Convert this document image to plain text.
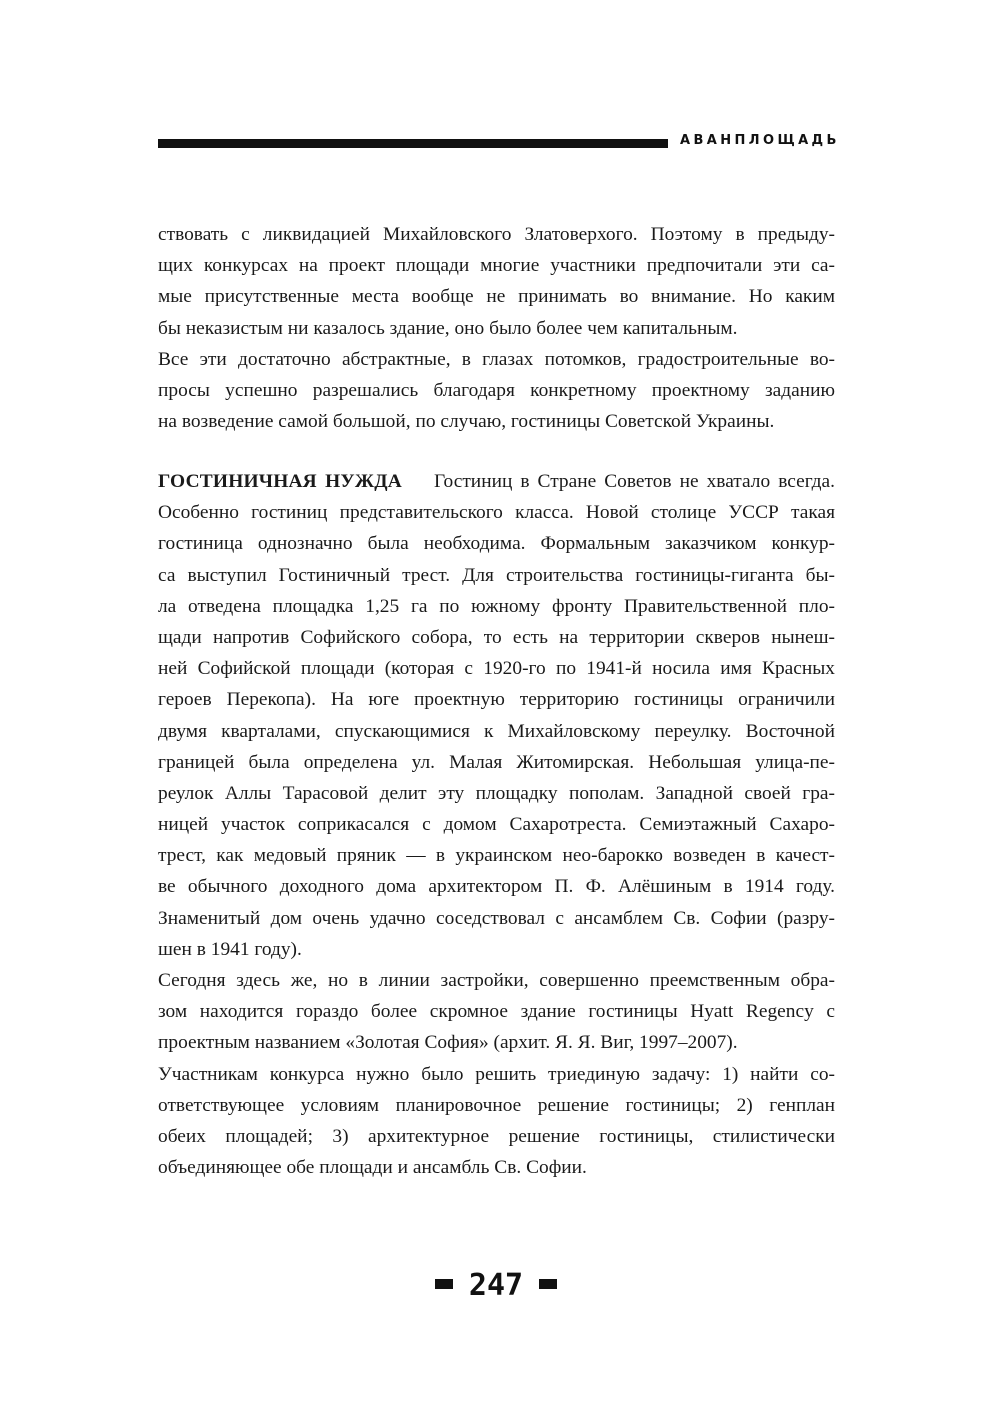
АВАНПЛОЩАДЬ
ствовать с ликвидацией Михайловского Златоверхого. Поэтому в предыду-
щих конкурсах на проект площади многие участники предпочитали эти са-
мые присутственные места вообще не принимать во внимание. Но каким
бы неказистым ни казалось здание, оно было более чем капитальным.
Все эти достаточно абстрактные, в глазах потомков, градостроительные во-
просы успешно разрешались благодаря конкретному проектному заданию
на возведение самой большой, по случаю, гостиницы Советской Украины.
ГОСТИНИЧНАЯ НУЖДА Гостиниц в Стране Советов не хватало всегда.
Особенно гостиниц представительского класса. Новой столице УССР такая
гостиница однозначно была необходима. Формальным заказчиком конкур-
са выступил Гостиничный трест. Для строительства гостиницы-гиганта бы-
ла отведена площадка 1,25 га по южному фронту Правительственной пло-
щади напротив Софийского собора, то есть на территории скверов нынеш-
ней Софийской площади (которая с 1920-го по 1941-й носила имя Красных
героев Перекопа). На юге проектную территорию гостиницы ограничили
двумя кварталами, спускающимися к Михайловскому переулку. Восточной
границей была определена ул. Малая Житомирская. Небольшая улица-пе-
реулок Аллы Тарасовой делит эту площадку пополам. Западной своей гра-
ницей участок соприкасался с домом Сахаротреста. Семиэтажный Сахаро-
трест, как медовый пряник — в украинском нео-барокко возведен в качест-
ве обычного доходного дома архитектором П. Ф. Алёшиным в 1914 году.
Знаменитый дом очень удачно соседствовал с ансамблем Св. Софии (разру-
шен в 1941 году).
Сегодня здесь же, но в линии застройки, совершенно преемственным обра-
зом находится гораздо более скромное здание гостиницы Hyatt Regency с
проектным названием «Золотая София» (архит. Я. Я. Виг, 1997–2007).
Участникам конкурса нужно было решить триединую задачу: 1) найти со-
ответствующее условиям планировочное решение гостиницы; 2) генплан
обеих площадей; 3) архитектурное решение гостиницы, стилистически
объединяющее обе площади и ансамбль Св. Софии.
247
